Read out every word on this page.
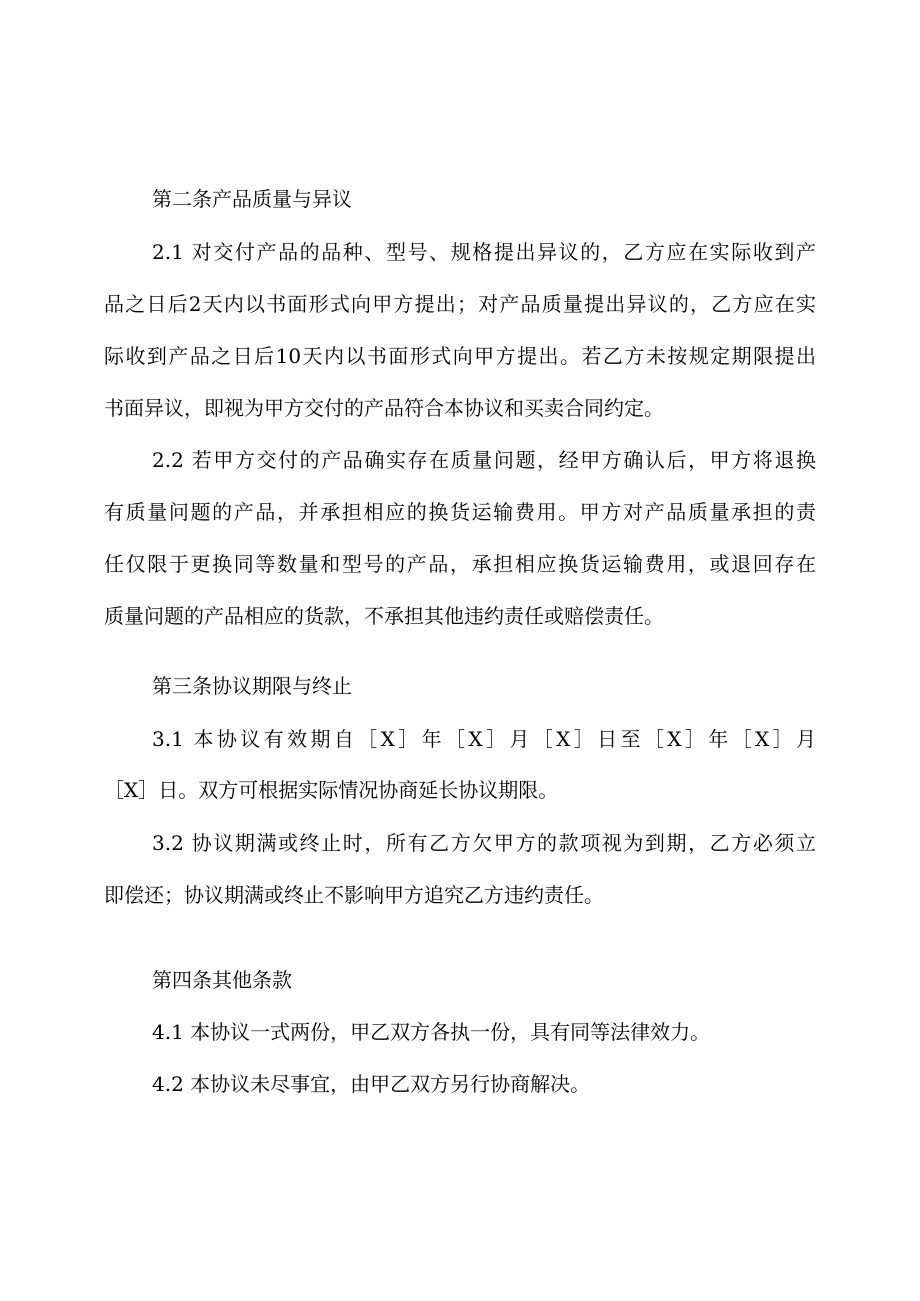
第二条产品质量与异议
2.1 对交付产品的品种、型号、规格提出异议的，乙方应在实际收到产
品之日后2天内以书面形式向甲方提出；对产品质量提出异议的，乙方应在实
际收到产品之日后10天内以书面形式向甲方提出。若乙方未按规定期限提出
书面异议，即视为甲方交付的产品符合本协议和买卖合同约定。
2.2 若甲方交付的产品确实存在质量问题，经甲方确认后，甲方将退换
有质量问题的产品，并承担相应的换货运输费用。甲方对产品质量承担的责
任仅限于更换同等数量和型号的产品，承担相应换货运输费用，或退回存在
质量问题的产品相应的货款，不承担其他违约责任或赔偿责任。
第三条协议期限与终止
3.1 本协议有效期自［X］年［X］月［X］日至［X］年［X］月
［X］日。双方可根据实际情况协商延长协议期限。
3.2 协议期满或终止时，所有乙方欠甲方的款项视为到期，乙方必须立
即偿还；协议期满或终止不影响甲方追究乙方违约责任。
第四条其他条款
4.1 本协议一式两份，甲乙双方各执一份，具有同等法律效力。
4.2 本协议未尽事宜，由甲乙双方另行协商解决。
